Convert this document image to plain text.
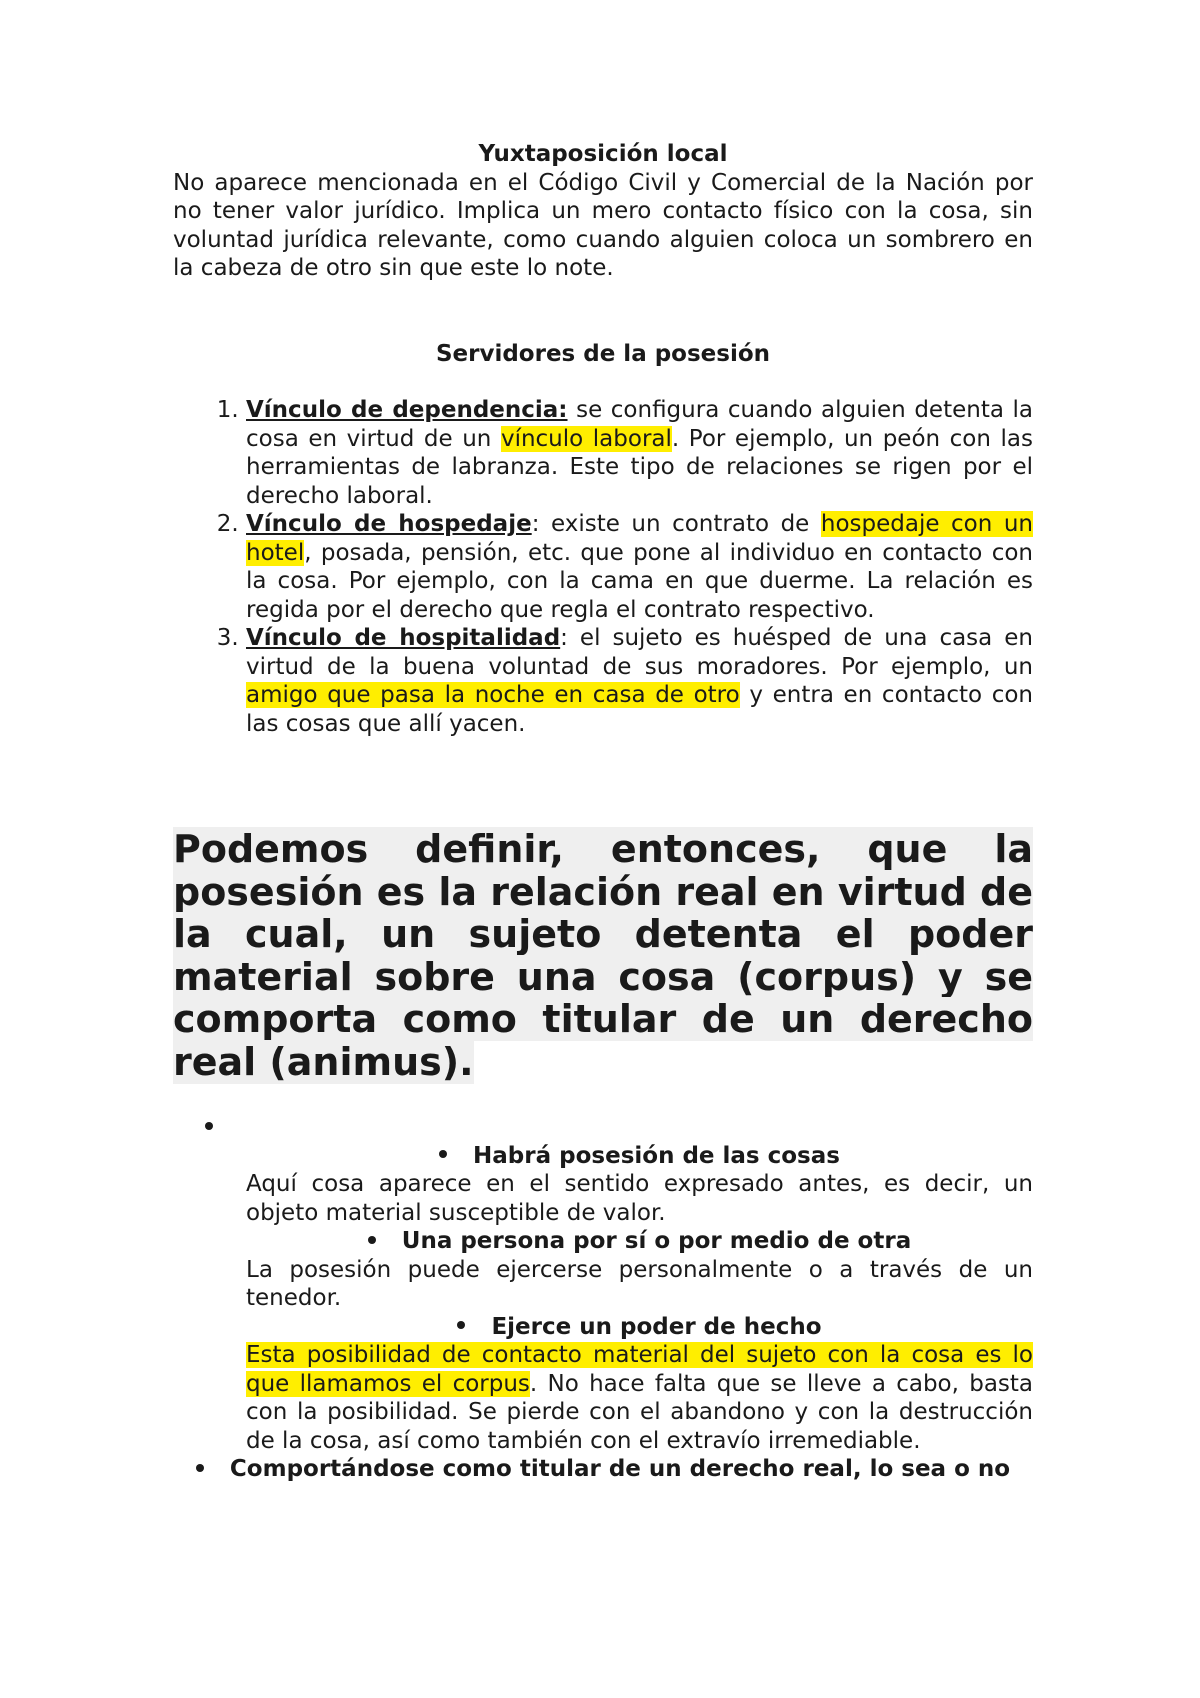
Yuxtaposición local

No aparece mencionada en el Código Civil y Comercial de la Nación por no tener valor jurídico. Implica un mero contacto físico con la cosa, sin voluntad jurídica relevante, como cuando alguien coloca un sombrero en la cabeza de otro sin que este lo note.

Servidores de la posesión

1. Vínculo de dependencia: se configura cuando alguien detenta la cosa en virtud de un vínculo laboral. Por ejemplo, un peón con las herramientas de labranza. Este tipo de relaciones se rigen por el derecho laboral.
2. Vínculo de hospedaje: existe un contrato de hospedaje con un hotel, posada, pensión, etc. que pone al individuo en contacto con la cosa. Por ejemplo, con la cama en que duerme. La relación es regida por el derecho que regla el contrato respectivo.
3. Vínculo de hospitalidad: el sujeto es huésped de una casa en virtud de la buena voluntad de sus moradores. Por ejemplo, un amigo que pasa la noche en casa de otro y entra en contacto con las cosas que allí yacen.

Podemos definir, entonces, que la posesión es la relación real en virtud de la cual, un sujeto detenta el poder material sobre una cosa (corpus) y se comporta como titular de un derecho real (animus).

Habrá posesión de las cosas

Aquí cosa aparece en el sentido expresado antes, es decir, un objeto material susceptible de valor.

Una persona por sí o por medio de otra

La posesión puede ejercerse personalmente o a través de un tenedor.

Ejerce un poder de hecho

Esta posibilidad de contacto material del sujeto con la cosa es lo que llamamos el corpus. No hace falta que se lleve a cabo, basta con la posibilidad. Se pierde con el abandono y con la destrucción de la cosa, así como también con el extravío irremediable.

Comportándose como titular de un derecho real, lo sea o no
